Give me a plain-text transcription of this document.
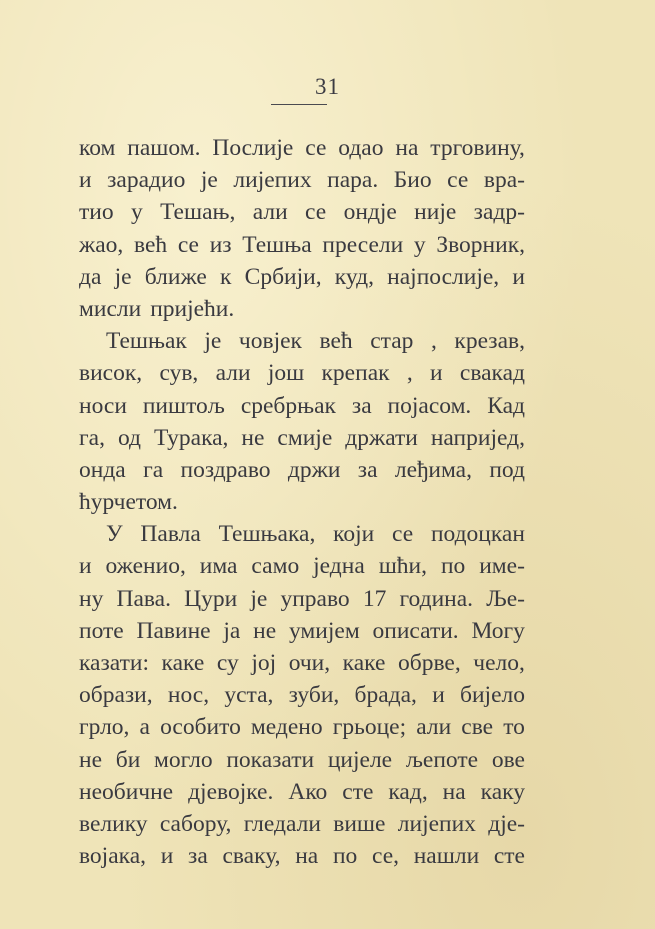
31
ком пашом. Послије се одао на трговину,
и зарадио је лијепих пара. Био се вра-
тио у Тешањ, али се ондје није задр-
жао, већ се из Тешња пресели у Зворник,
да је ближе к Србији, куд, најпослије, и
мисли пријећи.
Тешњак је човјек већ стар , крезав,
висок, сув, али још крепак , и свакад
носи пиштољ сребрњак за појасом. Кад
га, од Турака, не смије држати напријед,
онда га поздраво држи за леђима, под
ћурчетом.
У Павла Тешњака, који се подоцкан
и оженио, има само једна шћи, по име-
ну Пава. Цури је управо 17 година. Ље-
поте Павине ја не умијем описати. Могу
казати: каке су јој очи, каке обрве, чело,
образи, нос, уста, зуби, брада, и бијело
грло, а особито медено грьоце; али све то
не би могло показати цијеле љепоте ове
необичне дјевојке. Ако сте кад, на каку
велику сабору, гледали више лијепих дје-
војака, и за сваку, на по се, нашли сте
